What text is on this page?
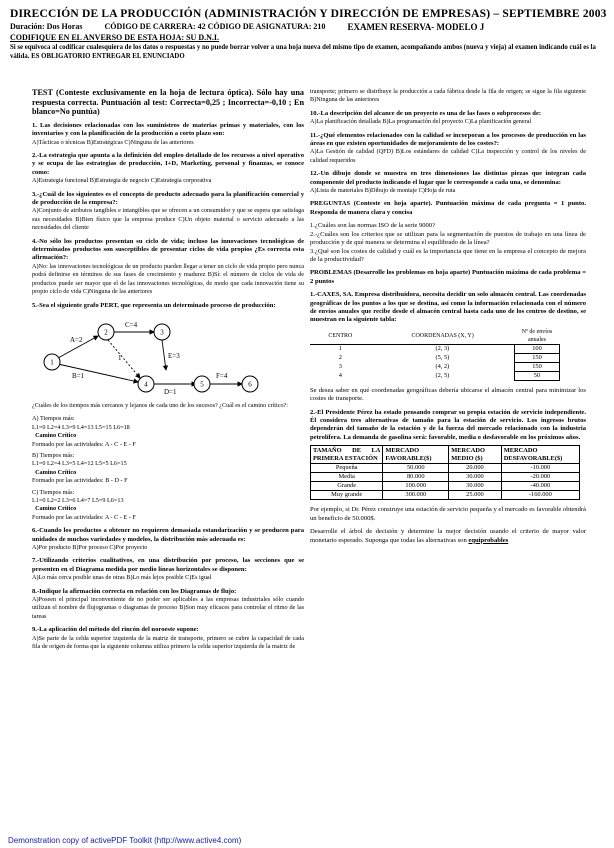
DIRECCIÓN DE LA PRODUCCIÓN (ADMINISTRACIÓN Y DIRECCIÓN DE EMPRESAS) – SEPTIEMBRE 2003
Duración: Dos Horas	CÓDIGO DE CARRERA: 42 CÓDIGO DE ASIGNATURA: 210 EXAMEN RESERVA- MODELO J
CODIFIQUE EN EL ANVERSO DE ESTA HOJA: SU D.N.I.
Si se equivoca al codificar cualesquiera de los datos o respuestas y no puede borrar volver a una hoja nueva del mismo tipo de examen, acompañando ambos (nueva y vieja) al examen indicando cuál es la válida. ES OBLIGATORIO ENTREGAR EL ENUNCIADO

TEST (Conteste exclusivamente en la hoja de lectura óptica). Sólo hay una respuesta correcta. Puntuación al test: Correcta=0,25 ; Incorrecta=-0,10 ; En blanco=No puntúa)

1. Las decisiones relacionadas con los suministros de materias primas y materiales, con los inventarios y con la planificación de la producción a corto plazo son:
A)Tácticas o técnicas B)Estratégicas C)Ninguna de las anteriores

2.-La estrategia que apunta a la definición del empleo detallado de los recursos a nivel operativo y se ocupa de las estrategias de producción, I+D, Marketing, personal y finanzas, se conoce como:
A)Estrategia funcional B)Estrategia de negocio C)Estrategia corporativa

3.-¿Cuál de los siguientes es el concepto de producto adecuado para la planificación comercial y de producción de la empresa?:
A)Conjunto de atributos tangibles e intangibles que se ofrecen a un consumidor y que se espera que satisfaga sus necesidades B)Bien físico que la empresa produce C)Un objeto material o servicio adecuado a las necesidades del cliente

4.-No sólo los productos presentan su ciclo de vida; incluso las innovaciones tecnológicas de determinados productos son susceptibles de presentar ciclos de vida propios ¿Es correcta esta afirmación?:
A)No: las innovaciones tecnológicas de un producto pueden llegar a tener un ciclo de vida propio pero nunca podrá definirse en términos de sus fases de crecimiento y madurez B)Sí: el número de ciclos de vida de productos puede ser mayor que el de las innovaciones tecnológicas, de modo que cada innovación tiene su propio ciclo de vida C)Ninguna de las anteriores

5.-Sea el siguiente grafo PERT, que representa un determinado proceso de producción:

1
2	3
4	5	6
A=2
B=1
C=4
D=1
E=3
F=4
1

¿Cuáles de los tiempos más cercanos y lejanos de cada uno de los sucesos? ¿Cuál es el camino crítico?:

A) Tiempos más:
L1=0 L2=4 L3=9 L4=13 L5=15 L6=18
Camino Crítico
Formado por las actividades: A - C - E - F

B) Tiempos más:
L1=0 L2=4 L3=5 L4=12 L5=5 L6=15
Camino Crítico
Formado por las actividades: B - D - F

C) Tiempos más:
L1=0 L2=2 L3=6 L4=7 L5=9 L6=13
Camino Crítico
Formado por las actividades: A - C - E - F

6.-Cuando los productos a obtener no requieren demasiada estandarización y se producen para unidades de muchos variedades y modelos, la distribución más adecuada es:
A)Por producto B)Por proceso C)Por proyecto

7.-Utilizando criterios cualitativos, en una distribución por proceso, las secciones que se presenten en el Diagrama medida por medio líneas horizontales se disponen:
A)Lo más cerca posible unas de otras B)Lo más lejos posible C)Es igual

8.-Indique la afirmación correcta en relación con los Diagramas de flujo:
A)Poseen el principal inconveniente de no poder ser aplicables a las empresas industriales sólo cuando utilizan el nombre de flujogramas o diagramas de proceso B)Son muy eficaces para controlar el ritmo de las tareas

9.-La aplicación del método del rincón del noroeste supone:
A)Se parte de la celda superior izquierda de la matriz de transporte, primero se cubre la capacidad de cada fila de origen de forma que la siguiente columna utiliza primero la celda superior izquierda de la matriz de

transporte; primero se distribuye la producción a cada fábrica desde la fila de origen; se sigue la fila siguiente B)Ninguna de las anteriores

10.-La descripción del alcance de un proyecto es una de las fases o subprocesos de:
A)La planificación detallada B)La programación del proyecto C)La planificación general

11.-¿Qué elementos relacionados con la calidad se incorporan a los procesos de producción en las áreas en que existen oportunidades de mejoramiento de los costes?:
A)La Gestión de calidad (QFD) B)Los estándares de calidad C)La inspección y control de los niveles de calidad requeridos

12.-Un dibujo donde se muestra en tres dimensiones las distintas piezas que integran cada componente del producto indicando el lugar que le corresponde a cada una, se denomina:
A)Lista de materiales B)Dibujo de montaje C)Hoja de ruta

PREGUNTAS (Conteste en hoja aparte). Puntuación máxima de cada pregunta = 1 punto. Responda de manera clara y concisa

1.¿Cuáles son las normas ISO de la serie 9000?
2.-¿Cuáles son los criterios que se utilizan para la segmentación de puestos de trabajo en una línea de producción y de qué manera se determina el equilibrado de la línea?
3.¿Qué son los costes de calidad y cuál es la importancia que tiene en la empresa el concepto de mejora de la productividad?

PROBLEMAS (Desarrolle los problemas en hoja aparte) Puntuación máxima de cada problema = 2 puntos

1.-CAXES, SA. Empresa distribuidora, necesita decidir un solo almacén central. Las coordenadas geográficas de los puntos a los que se destina, así como la información relacionada con el número de envíos anuales que recibe desde el almacén central hasta cada uno de los centros de destino, se muestran en la siguiente tabla:

CENTRO	COORDENADAS (X, Y)	Nº de envíos anuales
1	(2, 3)	100
2	(5, 5)	150
3	(4, 2)	150
4	(2, 5)	50

Se desea saber en qué coordenadas geográficas debería ubicarse el almacén central para minimizar los costes de transporte.

2.-El Presidente Pérez ha estado pensando comprar su propia estación de servicio independiente. Él considera tres alternativas de tamaño para la estación de servicio. Los ingresos brutos dependerán del tamaño de la estación y de la fuerza del mercado relacionado con la industria petrolífera. La demanda de gasolina será: favorable, media o desfavorable en los próximos años.

TAMAÑO DE LA PRIMERA ESTACIÓN	MERCADO FAVORABLE($)	MERCADO MEDIO ($)	MERCADO DESFAVORABLE($)
Pequeña	50.000	20.000	-10.000
Media	80.000	30.000	-20.000
Grande	100.000	30.000	-40.000
Muy grande	300.000	25.000	-160.000

Por ejemplo, si Dr. Pérez construye una estación de servicio pequeña y el mercado es favorable obtendrá un beneficio de 50.000$.

Desarrolle el árbol de decisión y determine la mejor decisión usando el criterio de mayor valor monetario esperado. Suponga que todas las alternativas son equiprobables

Demonstration copy of activePDF Toolkit (http://www.active4.com)
